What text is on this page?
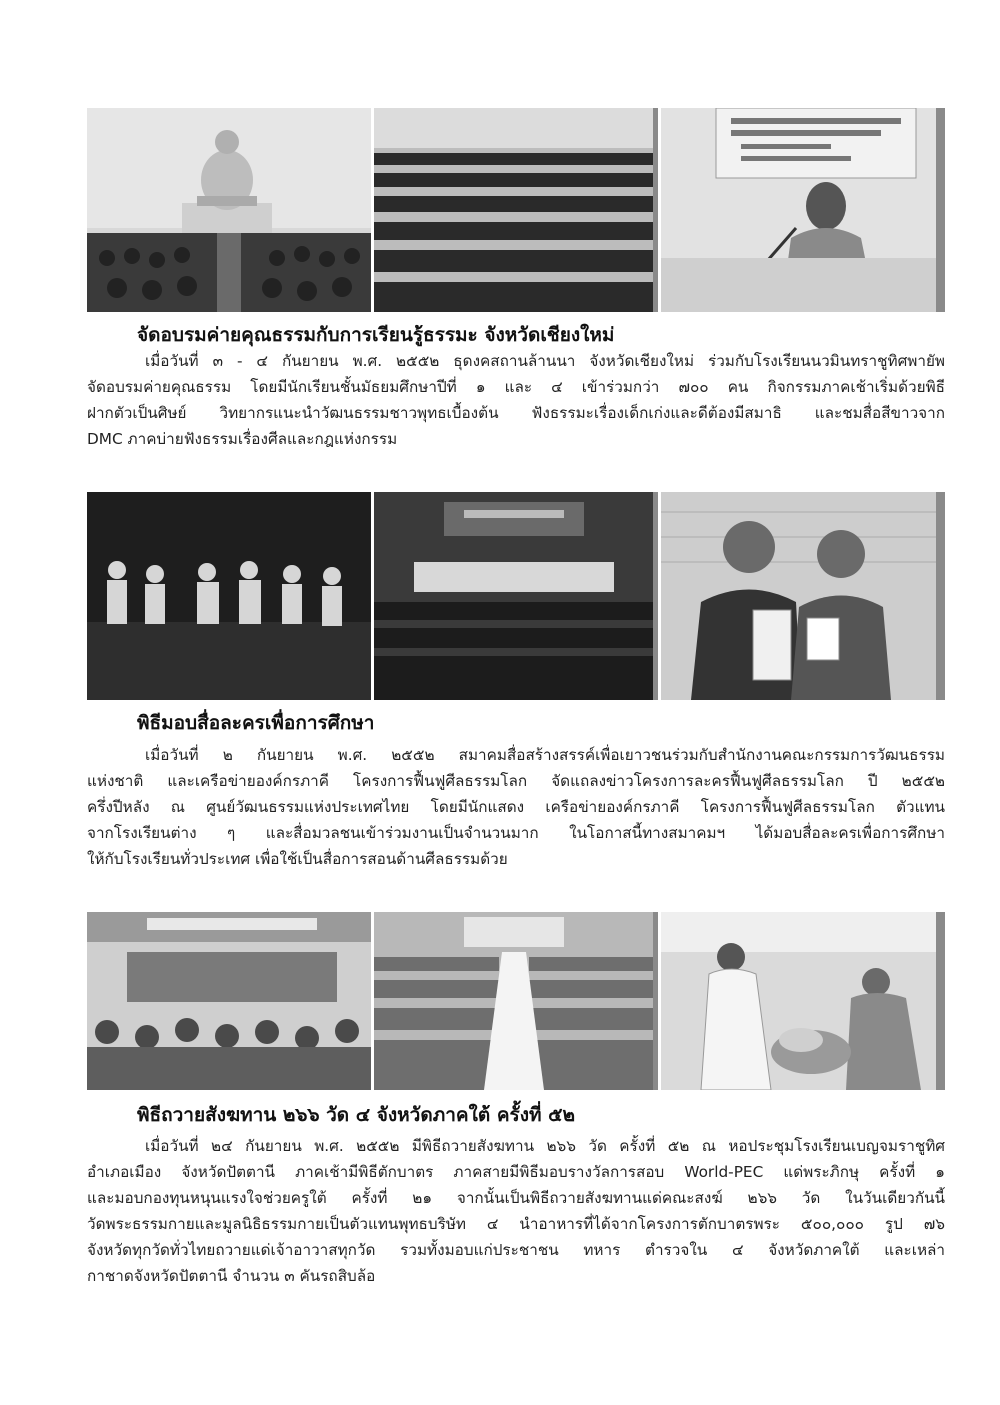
จัดอบรมค่ายคุณธรรมกับการเรียนรู้ธรรมะ จังหวัดเชียงใหม่

เมื่อวันที่ ๓ - ๔ กันยายน พ.ศ. ๒๕๕๒ ธุดงคสถานล้านนา จังหวัดเชียงใหม่ ร่วมกับโรงเรียนนวมินทราชูทิศพายัพ
จัดอบรมค่ายคุณธรรม โดยมีนักเรียนชั้นมัธยมศึกษาปีที่ ๑ และ ๔ เข้าร่วมกว่า ๗๐๐ คน กิจกรรมภาคเช้าเริ่มด้วยพิธี
ฝากตัวเป็นศิษย์ วิทยากรแนะนำวัฒนธรรมชาวพุทธเบื้องต้น ฟังธรรมะเรื่องเด็กเก่งและดีต้องมีสมาธิ และชมสื่อสีขาวจาก
DMC ภาคบ่ายฟังธรรมเรื่องศีลและกฎแห่งกรรม

พิธีมอบสื่อละครเพื่อการศึกษา

เมื่อวันที่ ๒ กันยายน พ.ศ. ๒๕๕๒ สมาคมสื่อสร้างสรรค์เพื่อเยาวชนร่วมกับสำนักงานคณะกรรมการวัฒนธรรม
แห่งชาติ และเครือข่ายองค์กรภาคี โครงการฟื้นฟูศีลธรรมโลก จัดแถลงข่าวโครงการละครฟื้นฟูศีลธรรมโลก ปี ๒๕๕๒
ครึ่งปีหลัง ณ ศูนย์วัฒนธรรมแห่งประเทศไทย โดยมีนักแสดง เครือข่ายองค์กรภาคี โครงการฟื้นฟูศีลธรรมโลก ตัวแทน
จากโรงเรียนต่าง ๆ และสื่อมวลชนเข้าร่วมงานเป็นจำนวนมาก ในโอกาสนี้ทางสมาคมฯ ได้มอบสื่อละครเพื่อการศึกษา
ให้กับโรงเรียนทั่วประเทศ เพื่อใช้เป็นสื่อการสอนด้านศีลธรรมด้วย

พิธีถวายสังฆทาน ๒๖๖ วัด ๔ จังหวัดภาคใต้ ครั้งที่ ๕๒

เมื่อวันที่ ๒๔ กันยายน พ.ศ. ๒๕๕๒ มีพิธีถวายสังฆทาน ๒๖๖ วัด ครั้งที่ ๕๒ ณ หอประชุมโรงเรียนเบญจมราชูทิศ
อำเภอเมือง จังหวัดปัตตานี ภาคเช้ามีพิธีตักบาตร ภาคสายมีพิธีมอบรางวัลการสอบ World-PEC แด่พระภิกษุ ครั้งที่ ๑
และมอบกองทุนหนุนแรงใจช่วยครูใต้ ครั้งที่ ๒๑ จากนั้นเป็นพิธีถวายสังฆทานแด่คณะสงฆ์ ๒๖๖ วัด ในวันเดียวกันนี้
วัดพระธรรมกายและมูลนิธิธรรมกายเป็นตัวแทนพุทธบริษัท ๔ นำอาหารที่ได้จากโครงการตักบาตรพระ ๕๐๐,๐๐๐ รูป ๗๖
จังหวัดทุกวัดทั่วไทยถวายแด่เจ้าอาวาสทุกวัด รวมทั้งมอบแก่ประชาชน ทหาร ตำรวจใน ๔ จังหวัดภาคใต้ และเหล่า
กาชาดจังหวัดปัตตานี จำนวน ๓ คันรถสิบล้อ
